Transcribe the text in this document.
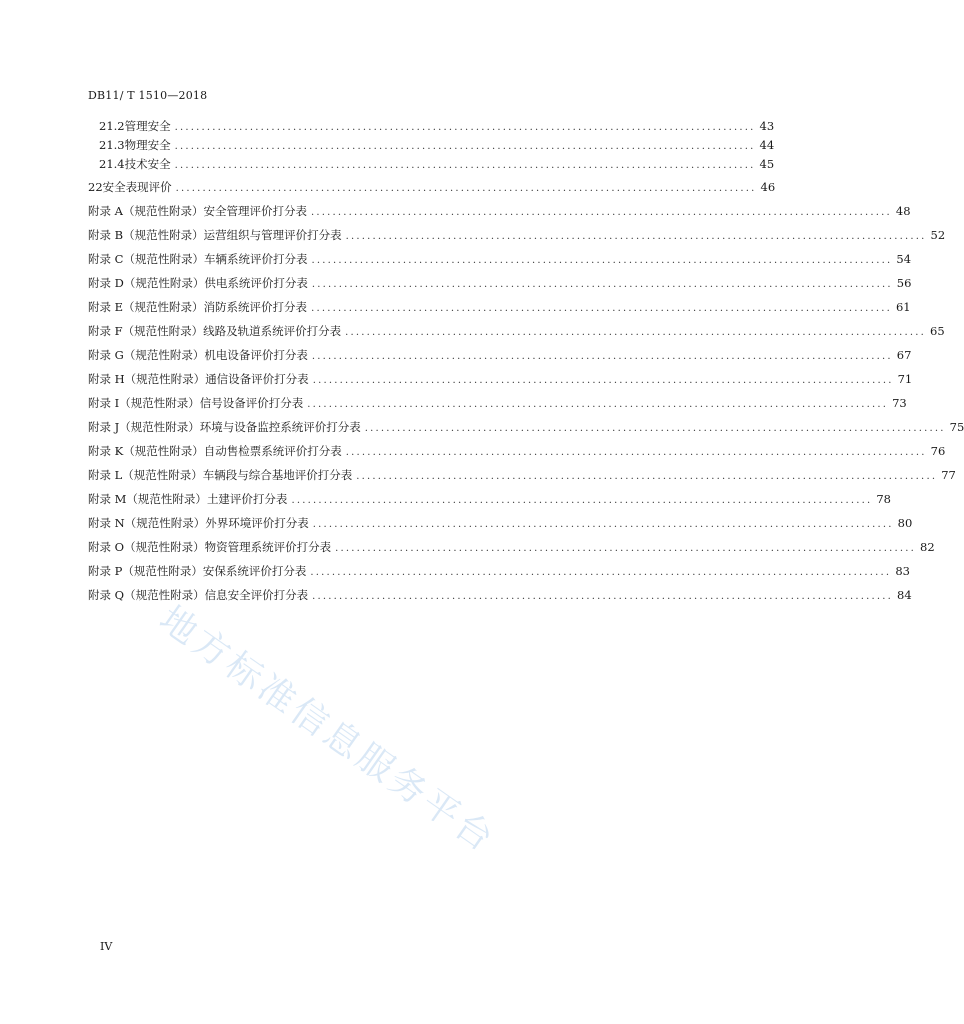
DB11/ T 1510—2018
21.2 管理安全 ............................................................................................................ 43
21.3 物理安全 ............................................................................................................ 44
21.4 技术安全 ............................................................................................................ 45
22 安全表现评价 ............................................................................................................ 46
附录 A（规范性附录） 安全管理评价打分表 ............................................................................................................ 48
附录 B（规范性附录） 运营组织与管理评价打分表 ............................................................................................................ 52
附录 C（规范性附录） 车辆系统评价打分表 ............................................................................................................ 54
附录 D（规范性附录） 供电系统评价打分表 ............................................................................................................ 56
附录 E（规范性附录） 消防系统评价打分表 ............................................................................................................ 61
附录 F（规范性附录） 线路及轨道系统评价打分表 ............................................................................................................ 65
附录 G（规范性附录） 机电设备评价打分表 ............................................................................................................ 67
附录 H（规范性附录） 通信设备评价打分表 ............................................................................................................ 71
附录 I（规范性附录） 信号设备评价打分表 ............................................................................................................ 73
附录 J（规范性附录） 环境与设备监控系统评价打分表 ............................................................................................................ 75
附录 K（规范性附录） 自动售检票系统评价打分表 ............................................................................................................ 76
附录 L（规范性附录） 车辆段与综合基地评价打分表 ............................................................................................................ 77
附录 M（规范性附录） 土建评价打分表 ............................................................................................................ 78
附录 N（规范性附录） 外界环境评价打分表 ............................................................................................................ 80
附录 O（规范性附录） 物资管理系统评价打分表 ............................................................................................................ 82
附录 P（规范性附录） 安保系统评价打分表 ............................................................................................................ 83
附录 Q（规范性附录） 信息安全评价打分表 ............................................................................................................ 84
地方标准信息服务平台
IV
